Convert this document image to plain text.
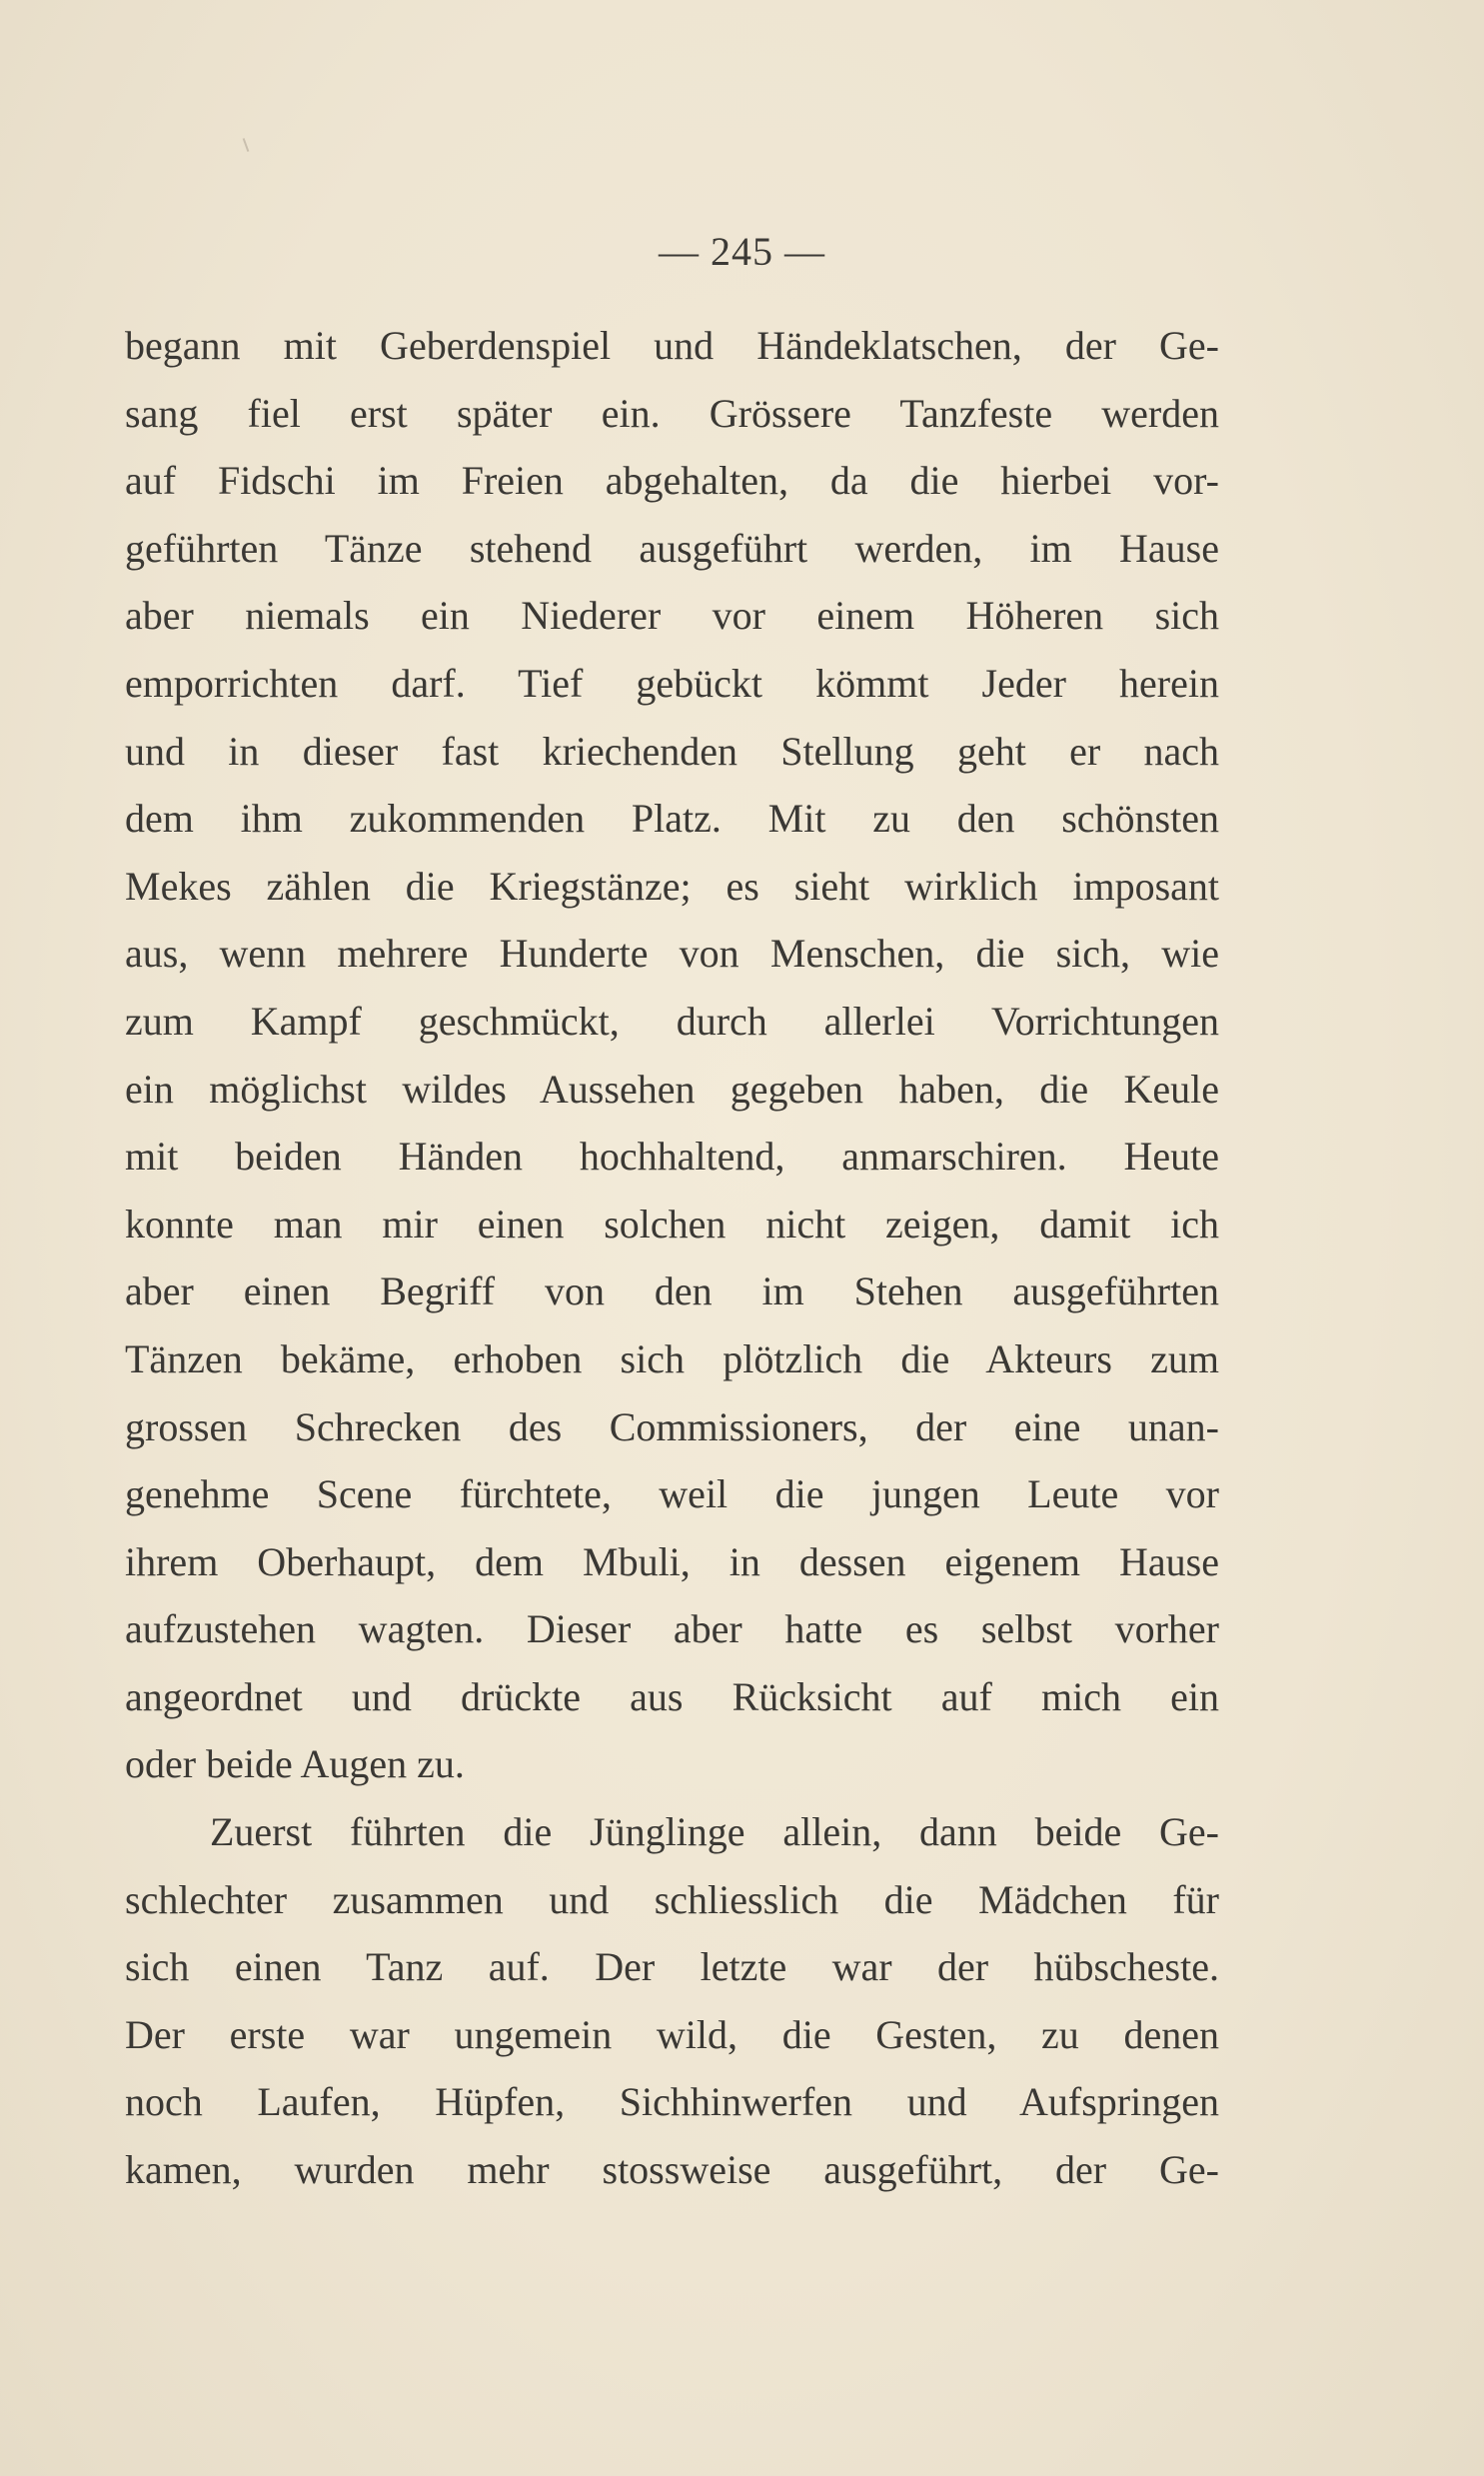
— 245 —
begann mit Geberdenspiel und Händeklatschen, der Ge-
sang fiel erst später ein. Grössere Tanzfeste werden
auf Fidschi im Freien abgehalten, da die hierbei vor-
geführten Tänze stehend ausgeführt werden, im Hause
aber niemals ein Niederer vor einem Höheren sich
emporrichten darf. Tief gebückt kömmt Jeder herein
und in dieser fast kriechenden Stellung geht er nach
dem ihm zukommenden Platz. Mit zu den schönsten
Mekes zählen die Kriegstänze; es sieht wirklich imposant
aus, wenn mehrere Hunderte von Menschen, die sich, wie
zum Kampf geschmückt, durch allerlei Vorrichtungen
ein möglichst wildes Aussehen gegeben haben, die Keule
mit beiden Händen hochhaltend, anmarschiren. Heute
konnte man mir einen solchen nicht zeigen, damit ich
aber einen Begriff von den im Stehen ausgeführten
Tänzen bekäme, erhoben sich plötzlich die Akteurs zum
grossen Schrecken des Commissioners, der eine unan-
genehme Scene fürchtete, weil die jungen Leute vor
ihrem Oberhaupt, dem Mbuli, in dessen eigenem Hause
aufzustehen wagten. Dieser aber hatte es selbst vorher
angeordnet und drückte aus Rücksicht auf mich ein
oder beide Augen zu.
Zuerst führten die Jünglinge allein, dann beide Ge-
schlechter zusammen und schliesslich die Mädchen für
sich einen Tanz auf. Der letzte war der hübscheste.
Der erste war ungemein wild, die Gesten, zu denen
noch Laufen, Hüpfen, Sichhinwerfen und Aufspringen
kamen, wurden mehr stossweise ausgeführt, der Ge-
